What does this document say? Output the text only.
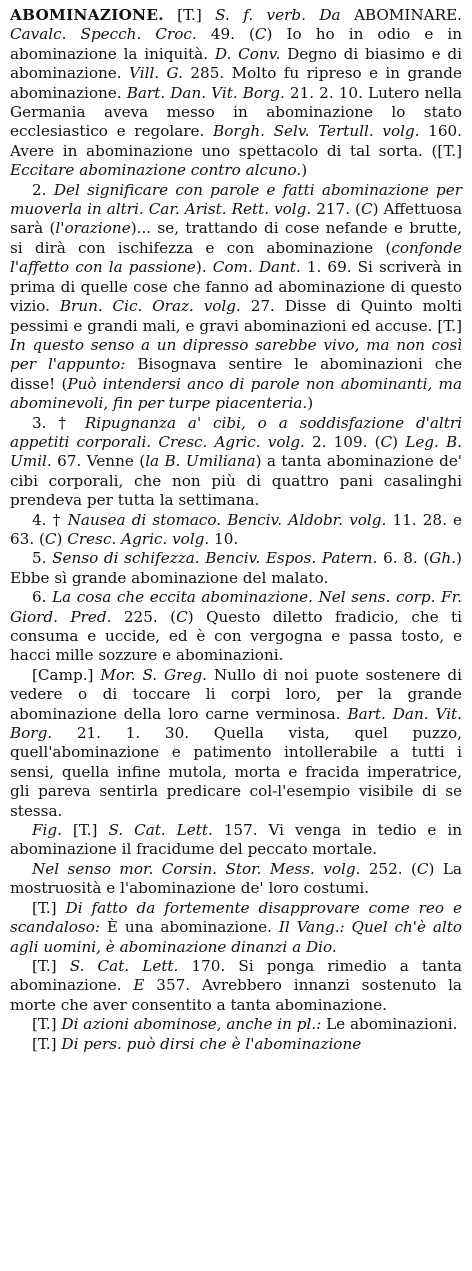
ABOMINAZIONE. [T.] S. f. verb. Da ABOMINARE. Cavalc. Specch. Croc. 49. (C) Io ho in odio e in abominazione la iniquità. D. Conv. Degno di biasimo e di abominazione. Vill. G. 285. Molto fu ripreso e in grande abominazione. Bart. Dan. Vit. Borg. 21. 2. 10. Lutero nella Germania aveva messo in abominazione lo stato ecclesiastico e regolare. Borgh. Selv. Tertull. volg. 160. Avere in abominazione uno spettacolo di tal sorta. ([T.] Eccitare abominazione contro alcuno.)

2. Del significare con parole e fatti abominazione per muoverla in altri. Car. Arist. Rett. volg. 217. (C) Affettuosa sarà (l'orazione)... se, trattando di cose nefande e brutte, si dirà con ischifezza e con abominazione (confonde l'affetto con la passione). Com. Dant. 1. 69. Si scriverà in prima di quelle cose che fanno ad abominazione di questo vizio. Brun. Cic. Oraz. volg. 27. Disse di Quinto molti pessimi e grandi mali, e gravi abominazioni ed accuse. [T.] In questo senso a un dipresso sarebbe vivo, ma non così per l'appunto: Bisognava sentire le abominazioni che disse! (Può intendersi anco di parole non abominanti, ma abominevoli, fin per turpe piacenteria.)

3. † Ripugnanza a' cibi, o a soddisfazione d'altri appetiti corporali. Cresc. Agric. volg. 2. 109. (C) Leg. B. Umil. 67. Venne (la B. Umiliana) a tanta abominazione de' cibi corporali, che non più di quattro pani casalinghi prendeva per tutta la settimana.

4. † Nausea di stomaco. Benciv. Aldobr. volg. 11. 28. e 63. (C) Cresc. Agric. volg. 10.

5. Senso di schifezza. Benciv. Espos. Patern. 6. 8. (Gh.) Ebbe sì grande abominazione del malato.

6. La cosa che eccita abominazione. Nel sens. corp. Fr. Giord. Pred. 225. (C) Questo diletto fradicio, che ti consuma e uccide, ed è con vergogna e passa tosto, e hacci mille sozzure e abominazioni.

[Camp.] Mor. S. Greg. Nullo di noi puote sostenere di vedere o di toccare li corpi loro, per la grande abominazione della loro carne verminosa. Bart. Dan. Vit. Borg. 21. 1. 30. Quella vista, quel puzzo, quell'abominazione e patimento intollerabile a tutti i sensi, quella infine mutola, morta e fracida imperatrice, gli pareva sentirla predicare col-l'esempio visibile di se stessa.

Fig. [T.] S. Cat. Lett. 157. Vi venga in tedio e in abominazione il fracidume del peccato mortale.

Nel senso mor. Corsin. Stor. Mess. volg. 252. (C) La mostruosità e l'abominazione de' loro costumi.

[T.] Di fatto da fortemente disapprovare come reo e scandaloso: È una abominazione. Il Vang.: Quel ch'è alto agli uomini, è abominazione dinanzi a Dio.

[T.] S. Cat. Lett. 170. Si ponga rimedio a tanta abominazione. E 357. Avrebbero innanzi sostenuto la morte che aver consentito a tanta abominazione.

[T.] Di azioni abominose, anche in pl.: Le abominazioni.

[T.] Di pers. può dirsi che è l'abominazione
